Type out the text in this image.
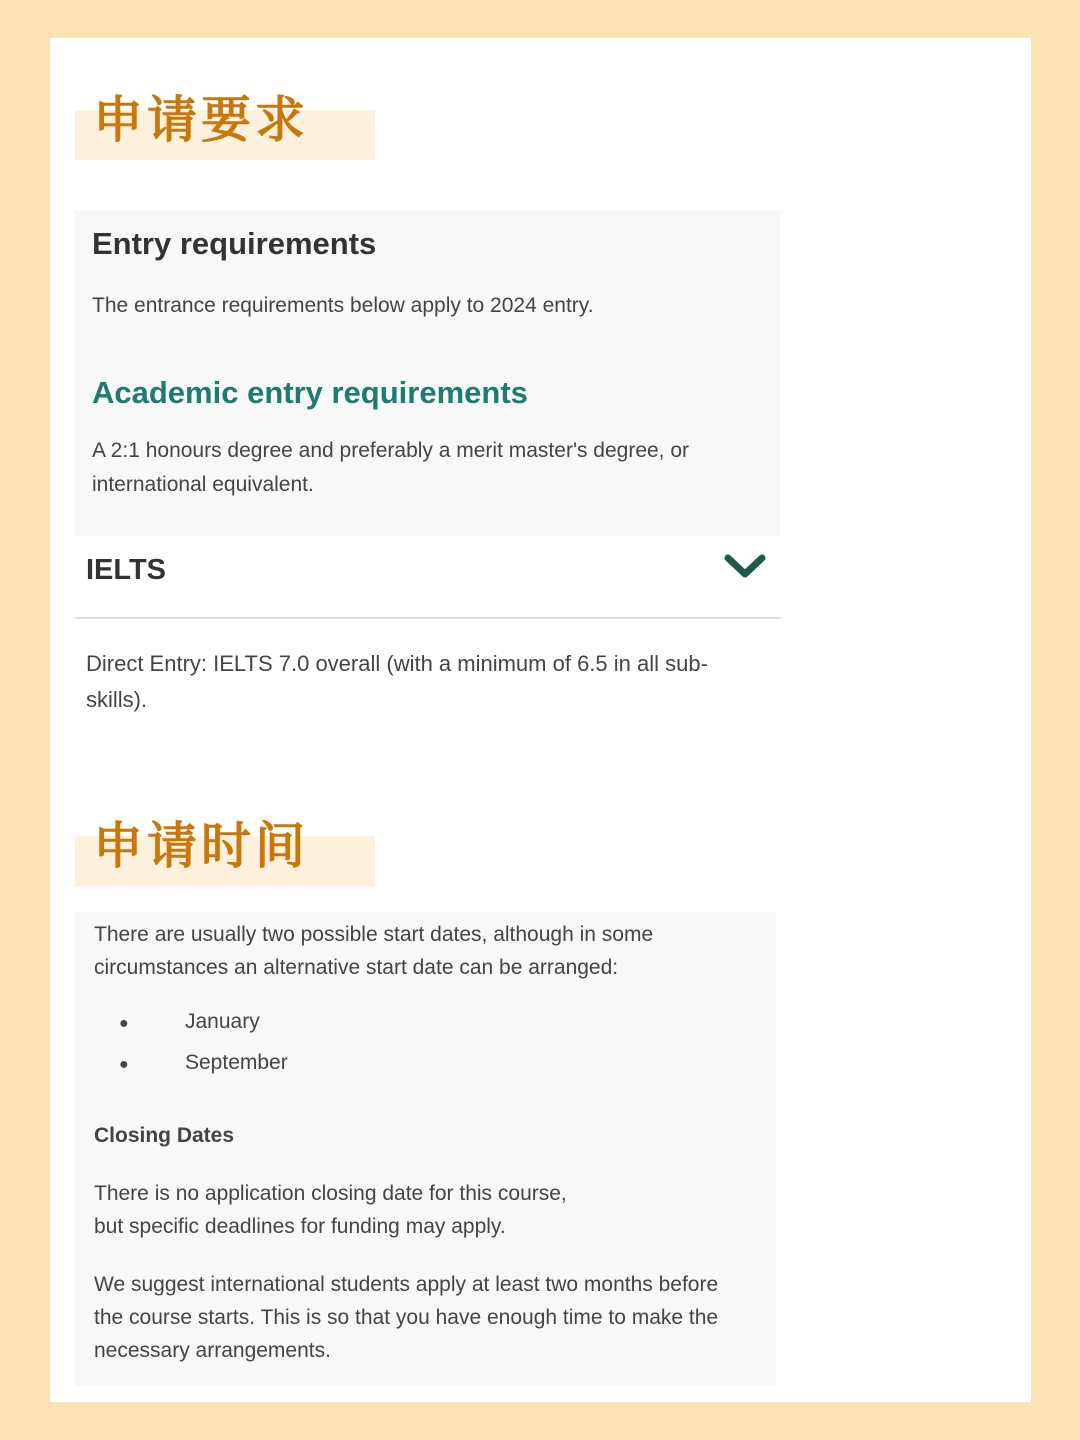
申请要求
Entry requirements
The entrance requirements below apply to 2024 entry.
Academic entry requirements
A 2:1 honours degree and preferably a merit master's degree, or international equivalent.
IELTS
Direct Entry: IELTS 7.0 overall (with a minimum of 6.5 in all sub-skills).
申请时间
There are usually two possible start dates, although in some circumstances an alternative start date can be arranged:
●	January
●	September
Closing Dates
There is no application closing date for this course,
but specific deadlines for funding may apply.
We suggest international students apply at least two months before the course starts. This is so that you have enough time to make the necessary arrangements.
